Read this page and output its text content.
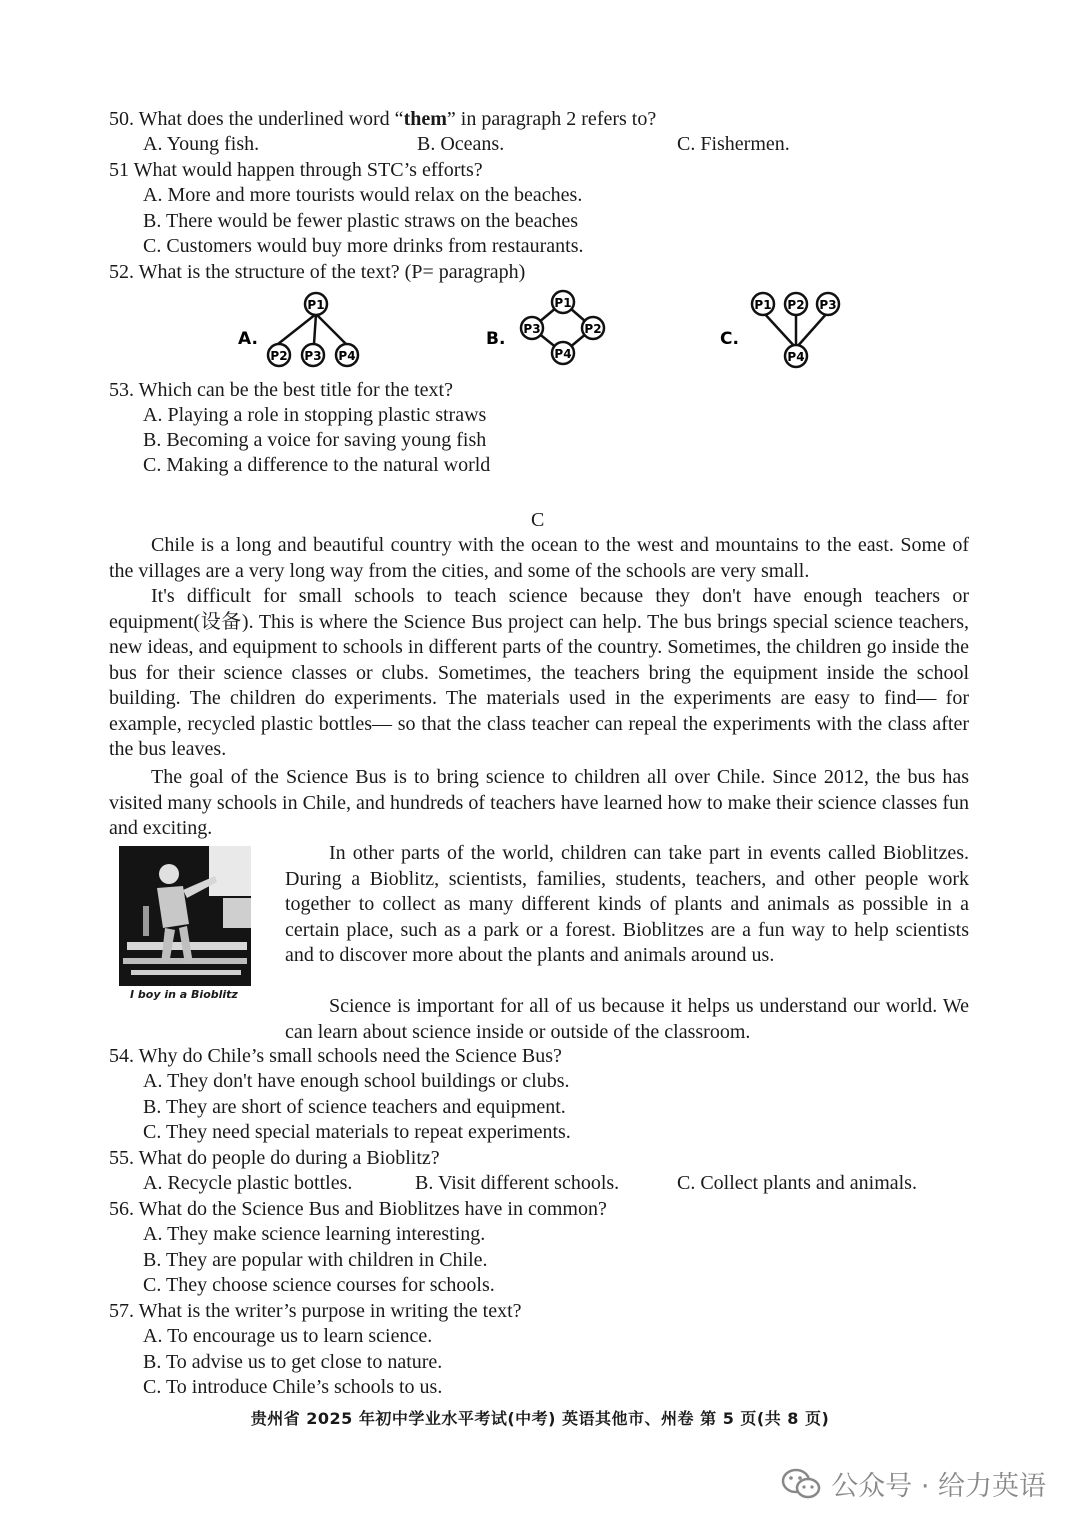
50. What does the underlined word “them” in paragraph 2 refers to?
A. Young fish.	B. Oceans.	C. Fishermen.
51 What would happen through STC’s efforts?
A. More and more tourists would relax on the beaches.
B. There would be fewer plastic straws on the beaches
C. Customers would buy more drinks from restaurants.
52. What is the structure of the text? (P= paragraph)
A.
P1
P2 P3 P4
B.
P1
P2
P3
P4
C.
P1 P2 P3
P4
53. Which can be the best title for the text?
A. Playing a role in stopping plastic straws
B. Becoming a voice for saving young fish
C. Making a difference to the natural world
C
Chile is a long and beautiful country with the ocean to the west and mountains to the east. Some of the villages are a very long way from the cities, and some of the schools are very small.
It's difficult for small schools to teach science because they don't have enough teachers or equipment(设备). This is where the Science Bus project can help. The bus brings special science teachers, new ideas, and equipment to schools in different parts of the country. Sometimes, the children go inside the bus for their science classes or clubs. Sometimes, the teachers bring the equipment inside the school building. The children do experiments. The materials used in the experiments are easy to find— for example, recycled plastic bottles— so that the class teacher can repeal the experiments with the class after the bus leaves.
The goal of the Science Bus is to bring science to children all over Chile. Since 2012, the bus has visited many schools in Chile, and hundreds of teachers have learned how to make their science classes fun and exciting.
I boy in a Bioblitz
In other parts of the world, children can take part in events called Bioblitzes. During a Bioblitz, scientists, families, students, teachers, and other people work together to collect as many different kinds of plants and animals as possible in a certain place, such as a park or a forest. Bioblitzes are a fun way to help scientists and to discover more about the plants and animals around us.
Science is important for all of us because it helps us understand our world. We can learn about science inside or outside of the classroom.
54. Why do Chile’s small schools need the Science Bus?
A. They don't have enough school buildings or clubs.
B. They are short of science teachers and equipment.
C. They need special materials to repeat experiments.
55. What do people do during a Bioblitz?
A. Recycle plastic bottles.	B. Visit different schools.	C. Collect plants and animals.
56. What do the Science Bus and Bioblitzes have in common?
A. They make science learning interesting.
B. They are popular with children in Chile.
C. They choose science courses for schools.
57. What is the writer’s purpose in writing the text?
A. To encourage us to learn science.
B. To advise us to get close to nature.
C. To introduce Chile’s schools to us.
贵州省 2025 年初中学业水平考试(中考) 英语其他市、州卷 第 5 页(共 8 页)
公众号 · 给力英语
